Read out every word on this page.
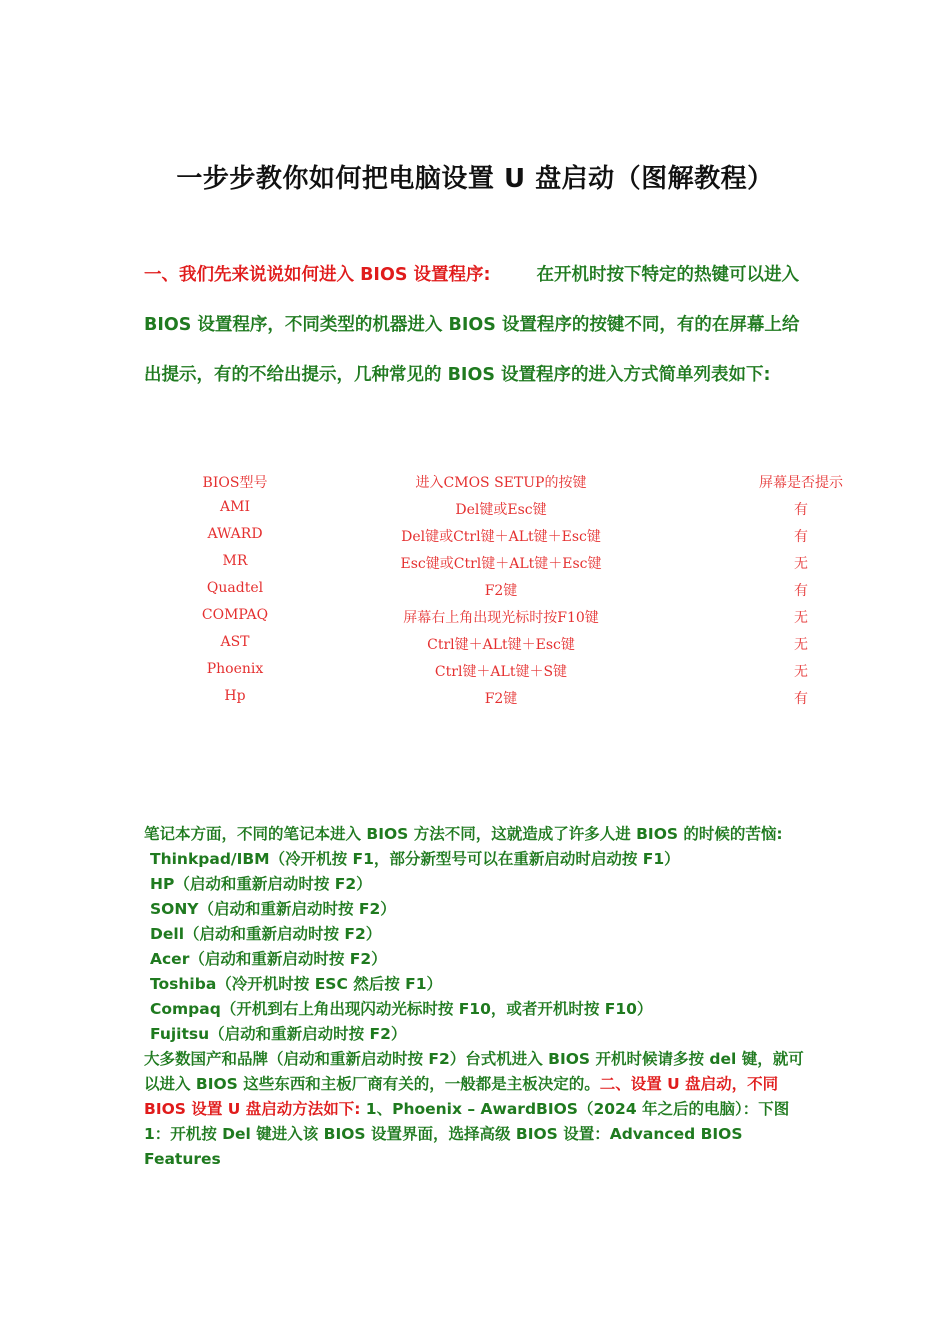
一步步教你如何把电脑设置 U 盘启动（图解教程）
一、我们先来说说如何进入 BIOS 设置程序:	在开机时按下特定的热键可以进入 BIOS 设置程序，不同类型的机器进入 BIOS 设置程序的按键不同，有的在屏幕上给出提示，有的不给出提示，几种常见的 BIOS 设置程序的进入方式简单列表如下:
BIOS型号	进入CMOS SETUP的按键	屏幕是否提示
AMI	Del键或Esc键	有
AWARD	Del键或Ctrl键＋ALt键＋Esc键	有
MR	Esc键或Ctrl键＋ALt键＋Esc键	无
Quadtel	F2键	有
COMPAQ	屏幕右上角出现光标时按F10键	无
AST	Ctrl键＋ALt键＋Esc键	无
Phoenix	Ctrl键＋ALt键＋S键	无
Hp	F2键	有

笔记本方面，不同的笔记本进入 BIOS 方法不同，这就造成了许多人进 BIOS 的时候的苦恼:

Thinkpad/IBM（冷开机按 F1，部分新型号可以在重新启动时启动按 F1）

HP（启动和重新启动时按 F2）

SONY（启动和重新启动时按 F2）

Dell（启动和重新启动时按 F2）

Acer（启动和重新启动时按 F2）

Toshiba（冷开机时按 ESC 然后按 F1）

Compaq（开机到右上角出现闪动光标时按 F10，或者开机时按 F10）

Fujitsu（启动和重新启动时按 F2）

大多数国产和品牌（启动和重新启动时按 F2）台式机进入 BIOS 开机时候请多按 del 键，就可以进入 BIOS 这些东西和主板厂商有关的，一般都是主板决定的。二、设置 U 盘启动，不同 BIOS 设置 U 盘启动方法如下: 1、Phoenix – AwardBIOS（2024 年之后的电脑）：下图 1：开机按 Del 键进入该 BIOS 设置界面，选择高级 BIOS 设置：Advanced BIOS Features
